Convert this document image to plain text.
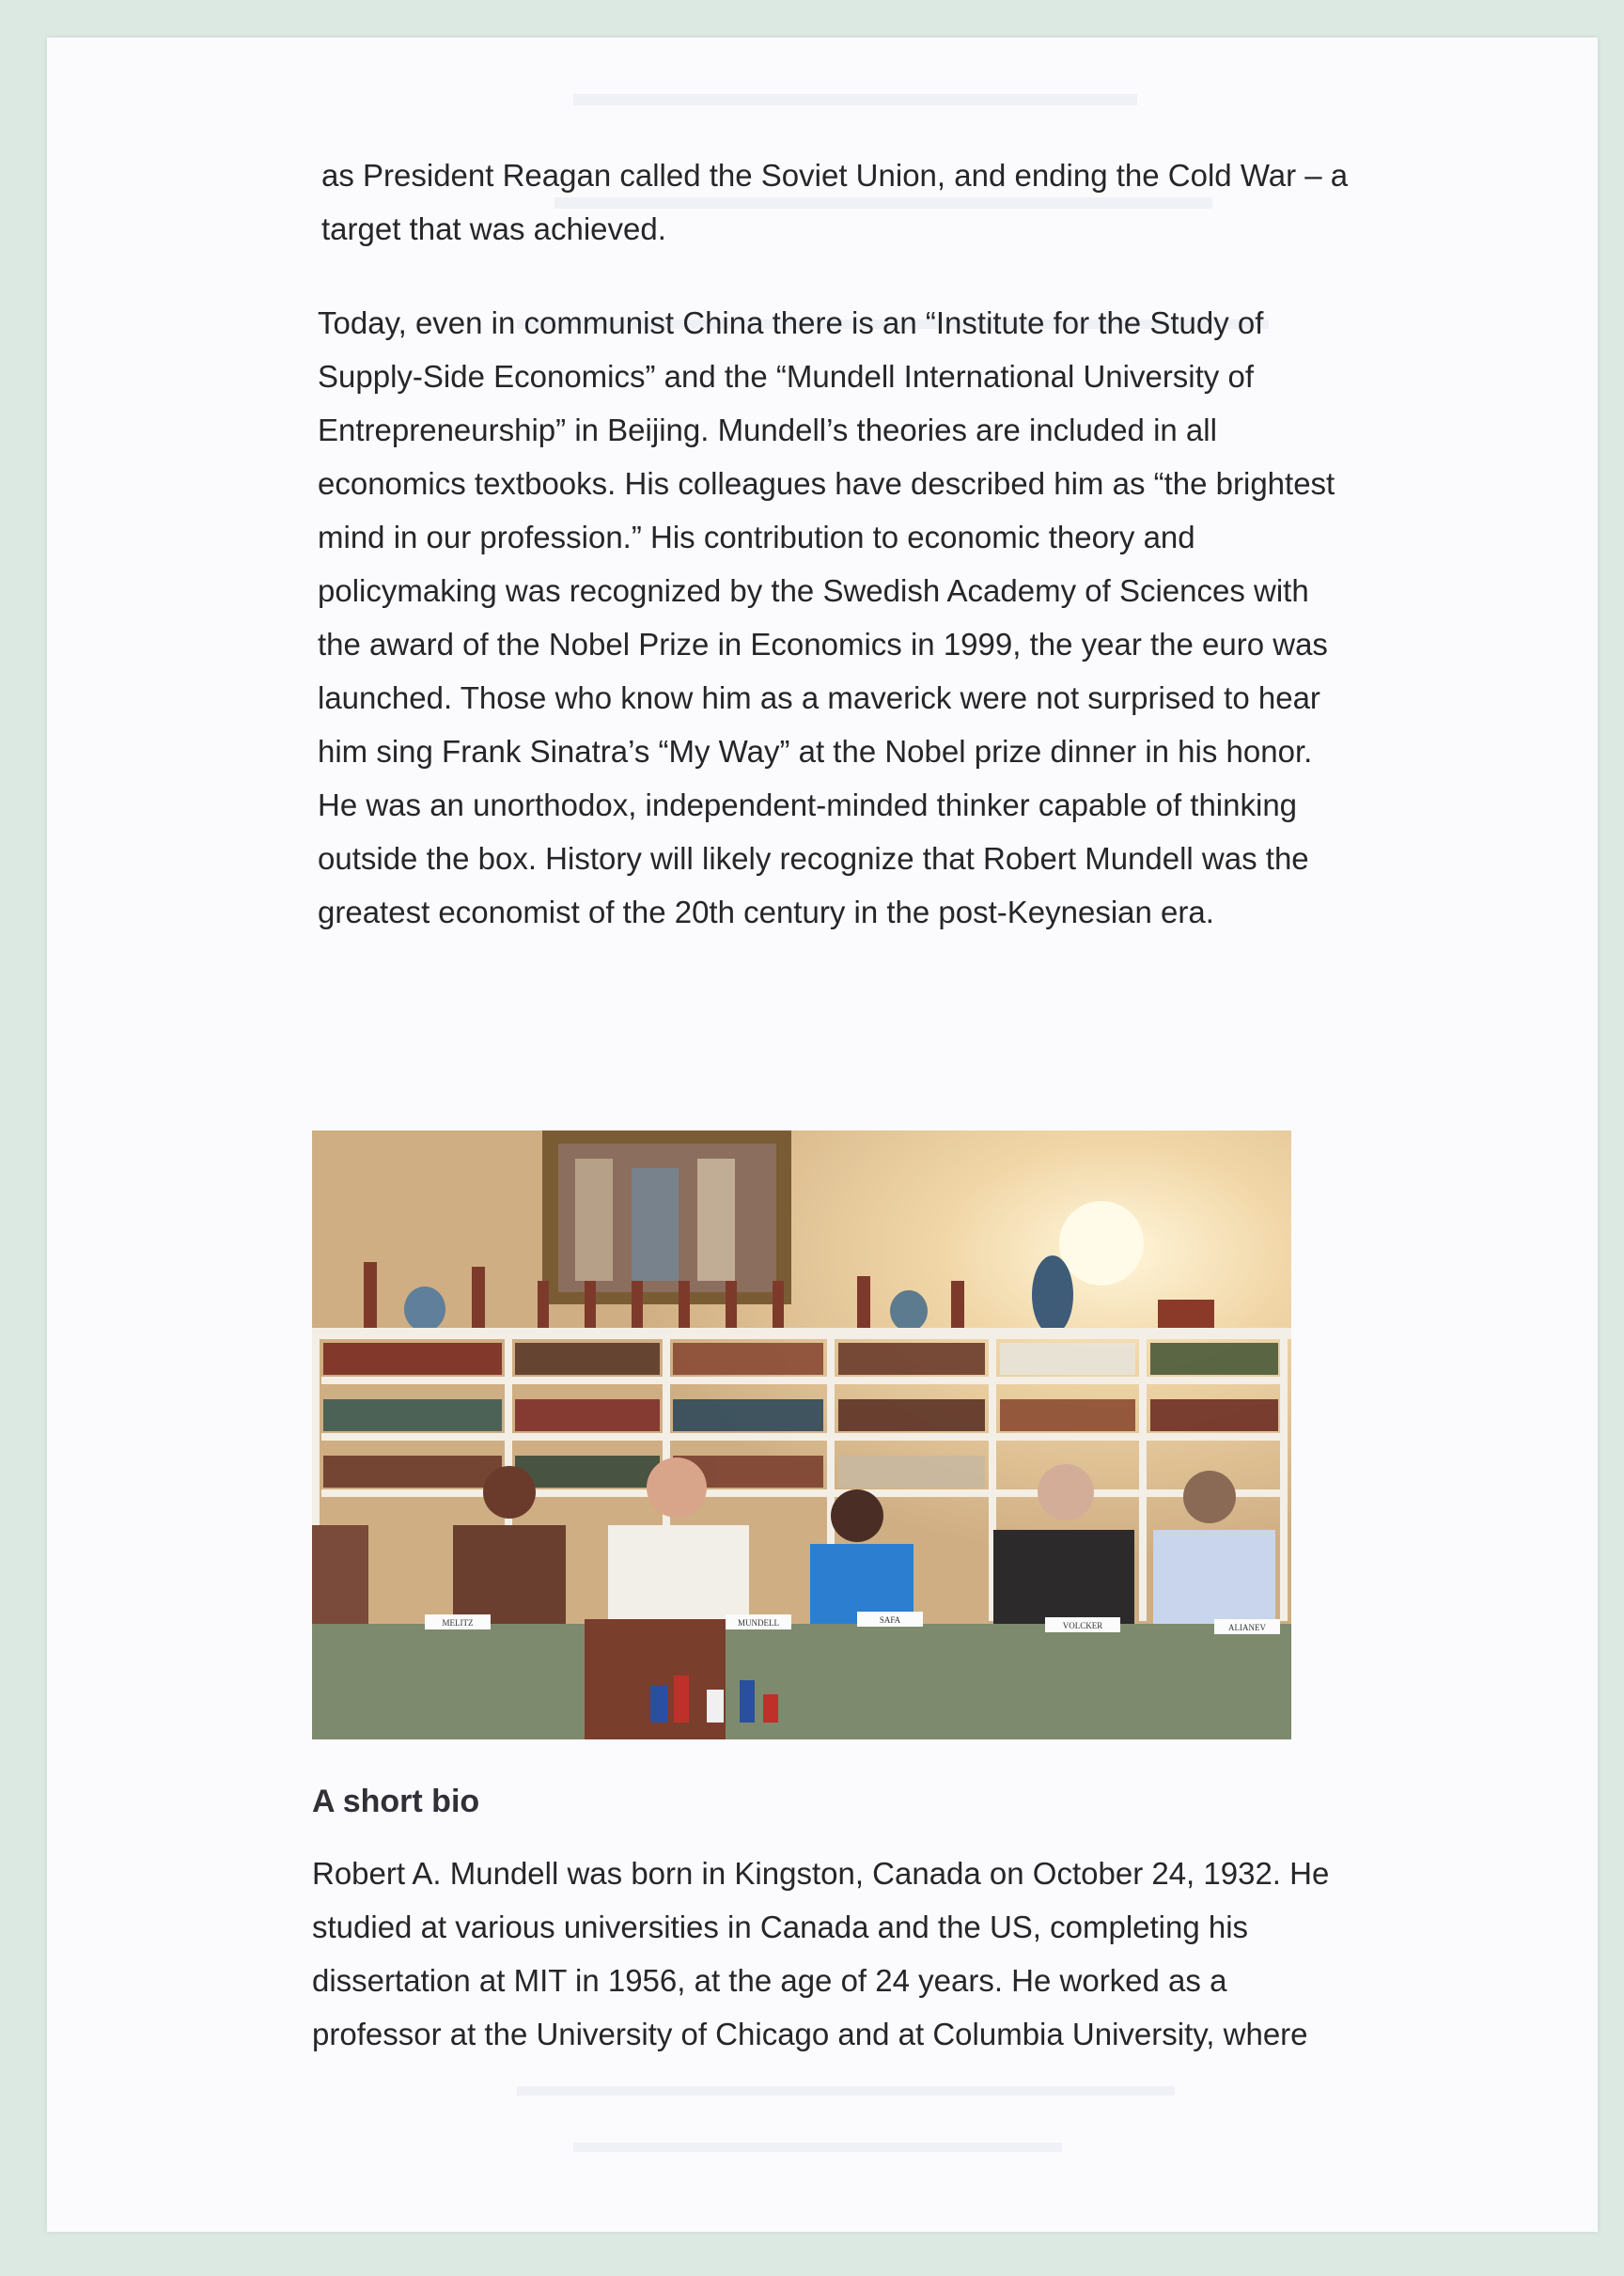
as President Reagan called the Soviet Union, and ending the Cold War – a
target that was achieved.

Today, even in communist China there is an “Institute for the Study of
Supply-Side Economics” and the “Mundell International University of
Entrepreneurship” in Beijing. Mundell’s theories are included in all
economics textbooks. His colleagues have described him as “the brightest
mind in our profession.” His contribution to economic theory and
policymaking was recognized by the Swedish Academy of Sciences with
the award of the Nobel Prize in Economics in 1999, the year the euro was
launched. Those who know him as a maverick were not surprised to hear
him sing Frank Sinatra’s “My Way” at the Nobel prize dinner in his honor.
He was an unorthodox, independent-minded thinker capable of thinking
outside the box. History will likely recognize that Robert Mundell was the
greatest economist of the 20th century in the post-Keynesian era.

MELITZ	MUNDELL	SAFA
VOLCKER	ALIANEV
A short bio

Robert A. Mundell was born in Kingston, Canada on October 24, 1932. He
studied at various universities in Canada and the US, completing his
dissertation at MIT in 1956, at the age of 24 years. He worked as a
professor at the University of Chicago and at Columbia University, where
